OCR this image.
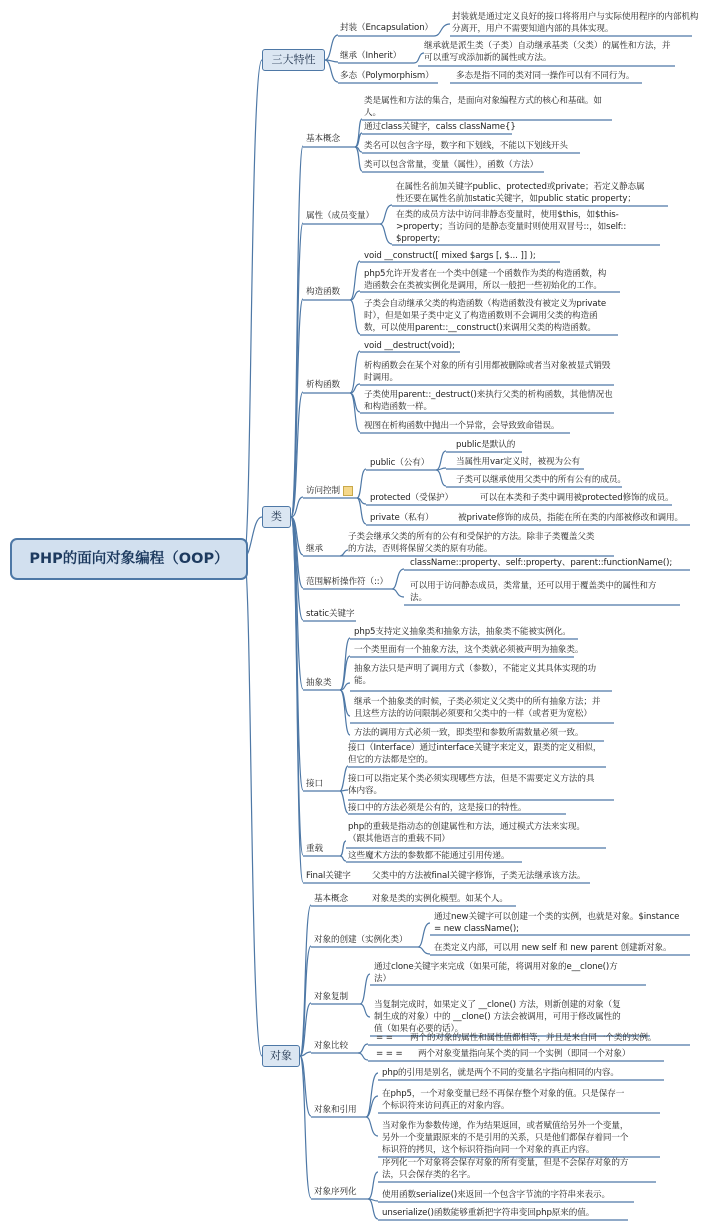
PHP的面向对象编程（OOP）
三大特性
类
对象
封装（Encapsulation）
封装就是通过定义良好的接口将将用户与实际使用程序的内部机构
分离开，用户不需要知道内部的具体实现。
继承（Inherit）
继承就是派生类（子类）自动继承基类（父类）的属性和方法，并
可以重写或添加新的属性或方法。
多态（Polymorphism）	多态是指不同的类对同一操作可以有不同行为。
基本概念
类是属性和方法的集合，是面向对象编程方式的核心和基础。如
人。
通过class关键字，calss className{}
类名可以包含字母，数字和下划线，不能以下划线开头
类可以包含常量，变量（属性），函数（方法）
属性（成员变量）
在属性名前加关键字public、protected或private；若定义静态属
性还要在属性名前加static关键字，如public static property；
在类的成员方法中访问非静态变量时，使用$this，如$this-
>property；当访问的是静态变量时则使用双冒号::，如self::
$property;
构造函数
void __construct([ mixed $args [, $... ]] );
php5允许开发者在一个类中创建一个函数作为类的构造函数，构
造函数会在类被实例化是调用，所以一般把一些初始化的工作。
子类会自动继承父类的构造函数（构造函数没有被定义为private
时），但是如果子类中定义了构造函数则不会调用父类的构造函
数，可以使用parent::__construct()来调用父类的构造函数。
析构函数
void __destruct(void);
析构函数会在某个对象的所有引用都被删除或者当对象被显式销毁
时调用。
子类使用parent::_destruct()来执行父类的析构函数，其他情况也
和构造函数一样。
视图在析构函数中抛出一个异常，会导致致命错误。
访问控制
public（公有）
public是默认的
当属性用var定义时，被视为公有
子类可以继承使用父类中的所有公有的成员。
protected（受保护）	可以在本类和子类中调用被protected修饰的成员。
private（私有）	被private修饰的成员，指能在所在类的内部被修改和调用。
继承
子类会继承父类的所有的公有和受保护的方法。除非子类覆盖父类
的方法，否则将保留父类的原有功能。
范围解析操作符（::）
className::property、self::property、parent::functionName();
可以用于访问静态成员，类常量，还可以用于覆盖类中的属性和方
法。
static关键字
抽象类
php5支持定义抽象类和抽象方法，抽象类不能被实例化。
一个类里面有一个抽象方法，这个类就必须被声明为抽象类。
抽象方法只是声明了调用方式（参数），不能定义其具体实现的功
能。
继承一个抽象类的时候，子类必须定义父类中的所有抽象方法；并
且这些方法的访问限制必须要和父类中的一样（或者更为宽松）
方法的调用方式必须一致，即类型和参数所需数量必须一致。
接口
接口（Interface）通过interface关键字来定义，跟类的定义相似，
但它的方法都是空的。
接口可以指定某个类必须实现哪些方法，但是不需要定义方法的具
体内容。
接口中的方法必须是公有的，这是接口的特性。
重载
php的重载是指动态的创建属性和方法，通过模式方法来实现。
（跟其他语言的重载不同）
这些魔术方法的参数都不能通过引用传递。
Final关键字 父类中的方法被final关键字修饰，子类无法继承该方法。
基本概念	对象是类的实例化模型。如某个人。
对象的创建（实例化类）
通过new关键字可以创建一个类的实例，也就是对象。$instance
= new className();
在类定义内部，可以用 new self 和 new parent 创建新对象。
对象复制
通过clone关键字来完成（如果可能，将调用对象的e__clone()方
法）
当复制完成时，如果定义了 __clone() 方法，则新创建的对象（复
制生成的对象）中的 __clone() 方法会被调用，可用于修改属性的
值（如果有必要的话）。
对象比较
= = 两个的对象的属性和属性值都相等，并且是来自同一个类的实例。
= = = 两个对象变量指向某个类的同一个实例（即同一个对象）
对象和引用
php的引用是别名，就是两个不同的变量名字指向相同的内容。
在php5，一个对象变量已经不再保存整个对象的值。只是保存一
个标识符来访问真正的对象内容。
当对象作为参数传递，作为结果返回，或者赋值给另外一个变量，
另外一个变量跟原来的不是引用的关系，只是他们都保存着同一个
标识符的拷贝，这个标识符指向同一个对象的真正内容。
对象序列化
序列化一个对象将会保存对象的所有变量，但是不会保存对象的方
法，只会保存类的名字。
使用函数serialize()来返回一个包含字节流的字符串来表示。
unserialize()函数能够重新把字符串变回php原来的值。
